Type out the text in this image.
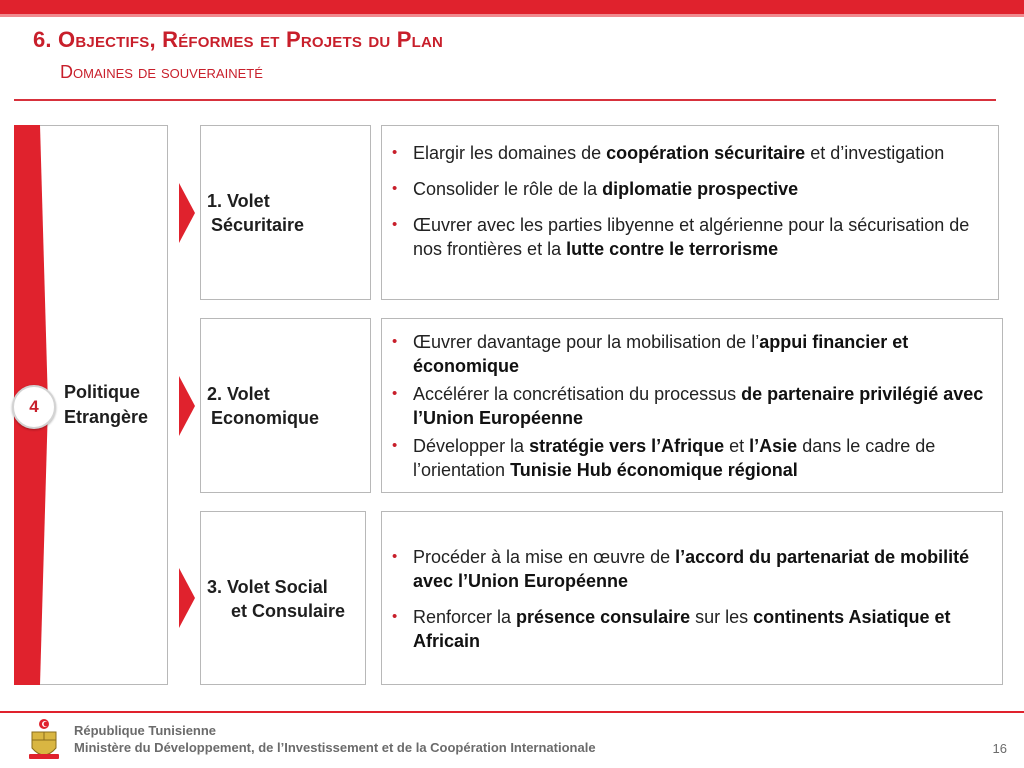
6. Objectifs, Réformes et Projets du Plan
Domaines de souveraineté
4
Politique
Etrangère
1. Volet
Sécuritaire
2. Volet
Economique
3. Volet Social
et Consulaire
• Elargir les domaines de coopération sécuritaire et d’investigation
• Consolider le rôle de la diplomatie prospective
• Œuvrer avec les parties libyenne et algérienne pour la sécurisation de nos frontières et la lutte contre le terrorisme
• Œuvrer davantage pour la mobilisation de l’appui financier et économique
• Accélérer la concrétisation du processus de partenaire privilégié avec l’Union Européenne
• Développer la stratégie vers l’Afrique et l’Asie dans le cadre de l’orientation Tunisie Hub économique régional
• Procéder à la mise en œuvre de l’accord du partenariat de mobilité avec l’Union Européenne
• Renforcer la présence consulaire sur les continents Asiatique et Africain
République Tunisienne
Ministère du Développement, de l’Investissement et de la Coopération Internationale	16
